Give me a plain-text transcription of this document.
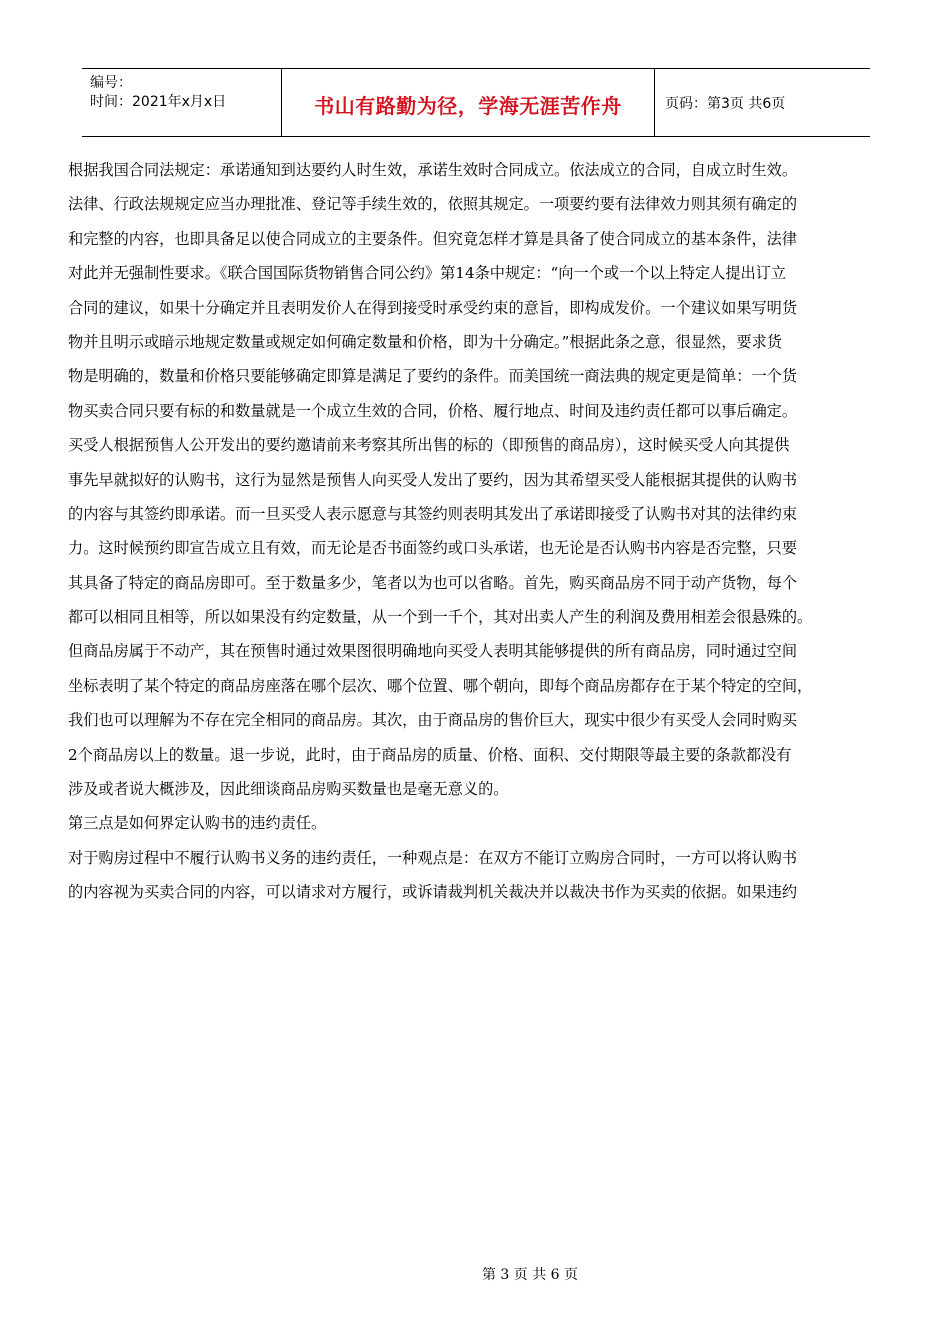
编号：
时间：2021年x月x日	书山有路勤为径，学海无涯苦作舟	页码：第3页 共6页
根据我国合同法规定：承诺通知到达要约人时生效，承诺生效时合同成立。依法成立的合同，自成立时生效。
法律、行政法规规定应当办理批准、登记等手续生效的，依照其规定。一项要约要有法律效力则其须有确定的
和完整的内容，也即具备足以使合同成立的主要条件。但究竟怎样才算是具备了使合同成立的基本条件，法律
对此并无强制性要求。《联合国国际货物销售合同公约》第14条中规定：“向一个或一个以上特定人提出订立
合同的建议，如果十分确定并且表明发价人在得到接受时承受约束的意旨，即构成发价。一个建议如果写明货
物并且明示或暗示地规定数量或规定如何确定数量和价格，即为十分确定。”根据此条之意，很显然，要求货
物是明确的，数量和价格只要能够确定即算是满足了要约的条件。而美国统一商法典的规定更是简单：一个货
物买卖合同只要有标的和数量就是一个成立生效的合同，价格、履行地点、时间及违约责任都可以事后确定。
买受人根据预售人公开发出的要约邀请前来考察其所出售的标的（即预售的商品房），这时候买受人向其提供
事先早就拟好的认购书，这行为显然是预售人向买受人发出了要约，因为其希望买受人能根据其提供的认购书
的内容与其签约即承诺。而一旦买受人表示愿意与其签约则表明其发出了承诺即接受了认购书对其的法律约束
力。这时候预约即宣告成立且有效，而无论是否书面签约或口头承诺，也无论是否认购书内容是否完整，只要
其具备了特定的商品房即可。至于数量多少，笔者以为也可以省略。首先，购买商品房不同于动产货物，每个
都可以相同且相等，所以如果没有约定数量，从一个到一千个，其对出卖人产生的利润及费用相差会很悬殊的。
但商品房属于不动产，其在预售时通过效果图很明确地向买受人表明其能够提供的所有商品房，同时通过空间
坐标表明了某个特定的商品房座落在哪个层次、哪个位置、哪个朝向，即每个商品房都存在于某个特定的空间，
我们也可以理解为不存在完全相同的商品房。其次，由于商品房的售价巨大，现实中很少有买受人会同时购买
2个商品房以上的数量。退一步说，此时，由于商品房的质量、价格、面积、交付期限等最主要的条款都没有
涉及或者说大概涉及，因此细谈商品房购买数量也是毫无意义的。
第三点是如何界定认购书的违约责任。
对于购房过程中不履行认购书义务的违约责任，一种观点是：在双方不能订立购房合同时，一方可以将认购书
的内容视为买卖合同的内容，可以请求对方履行，或诉请裁判机关裁决并以裁决书作为买卖的依据。如果违约
第 3 页 共 6 页
